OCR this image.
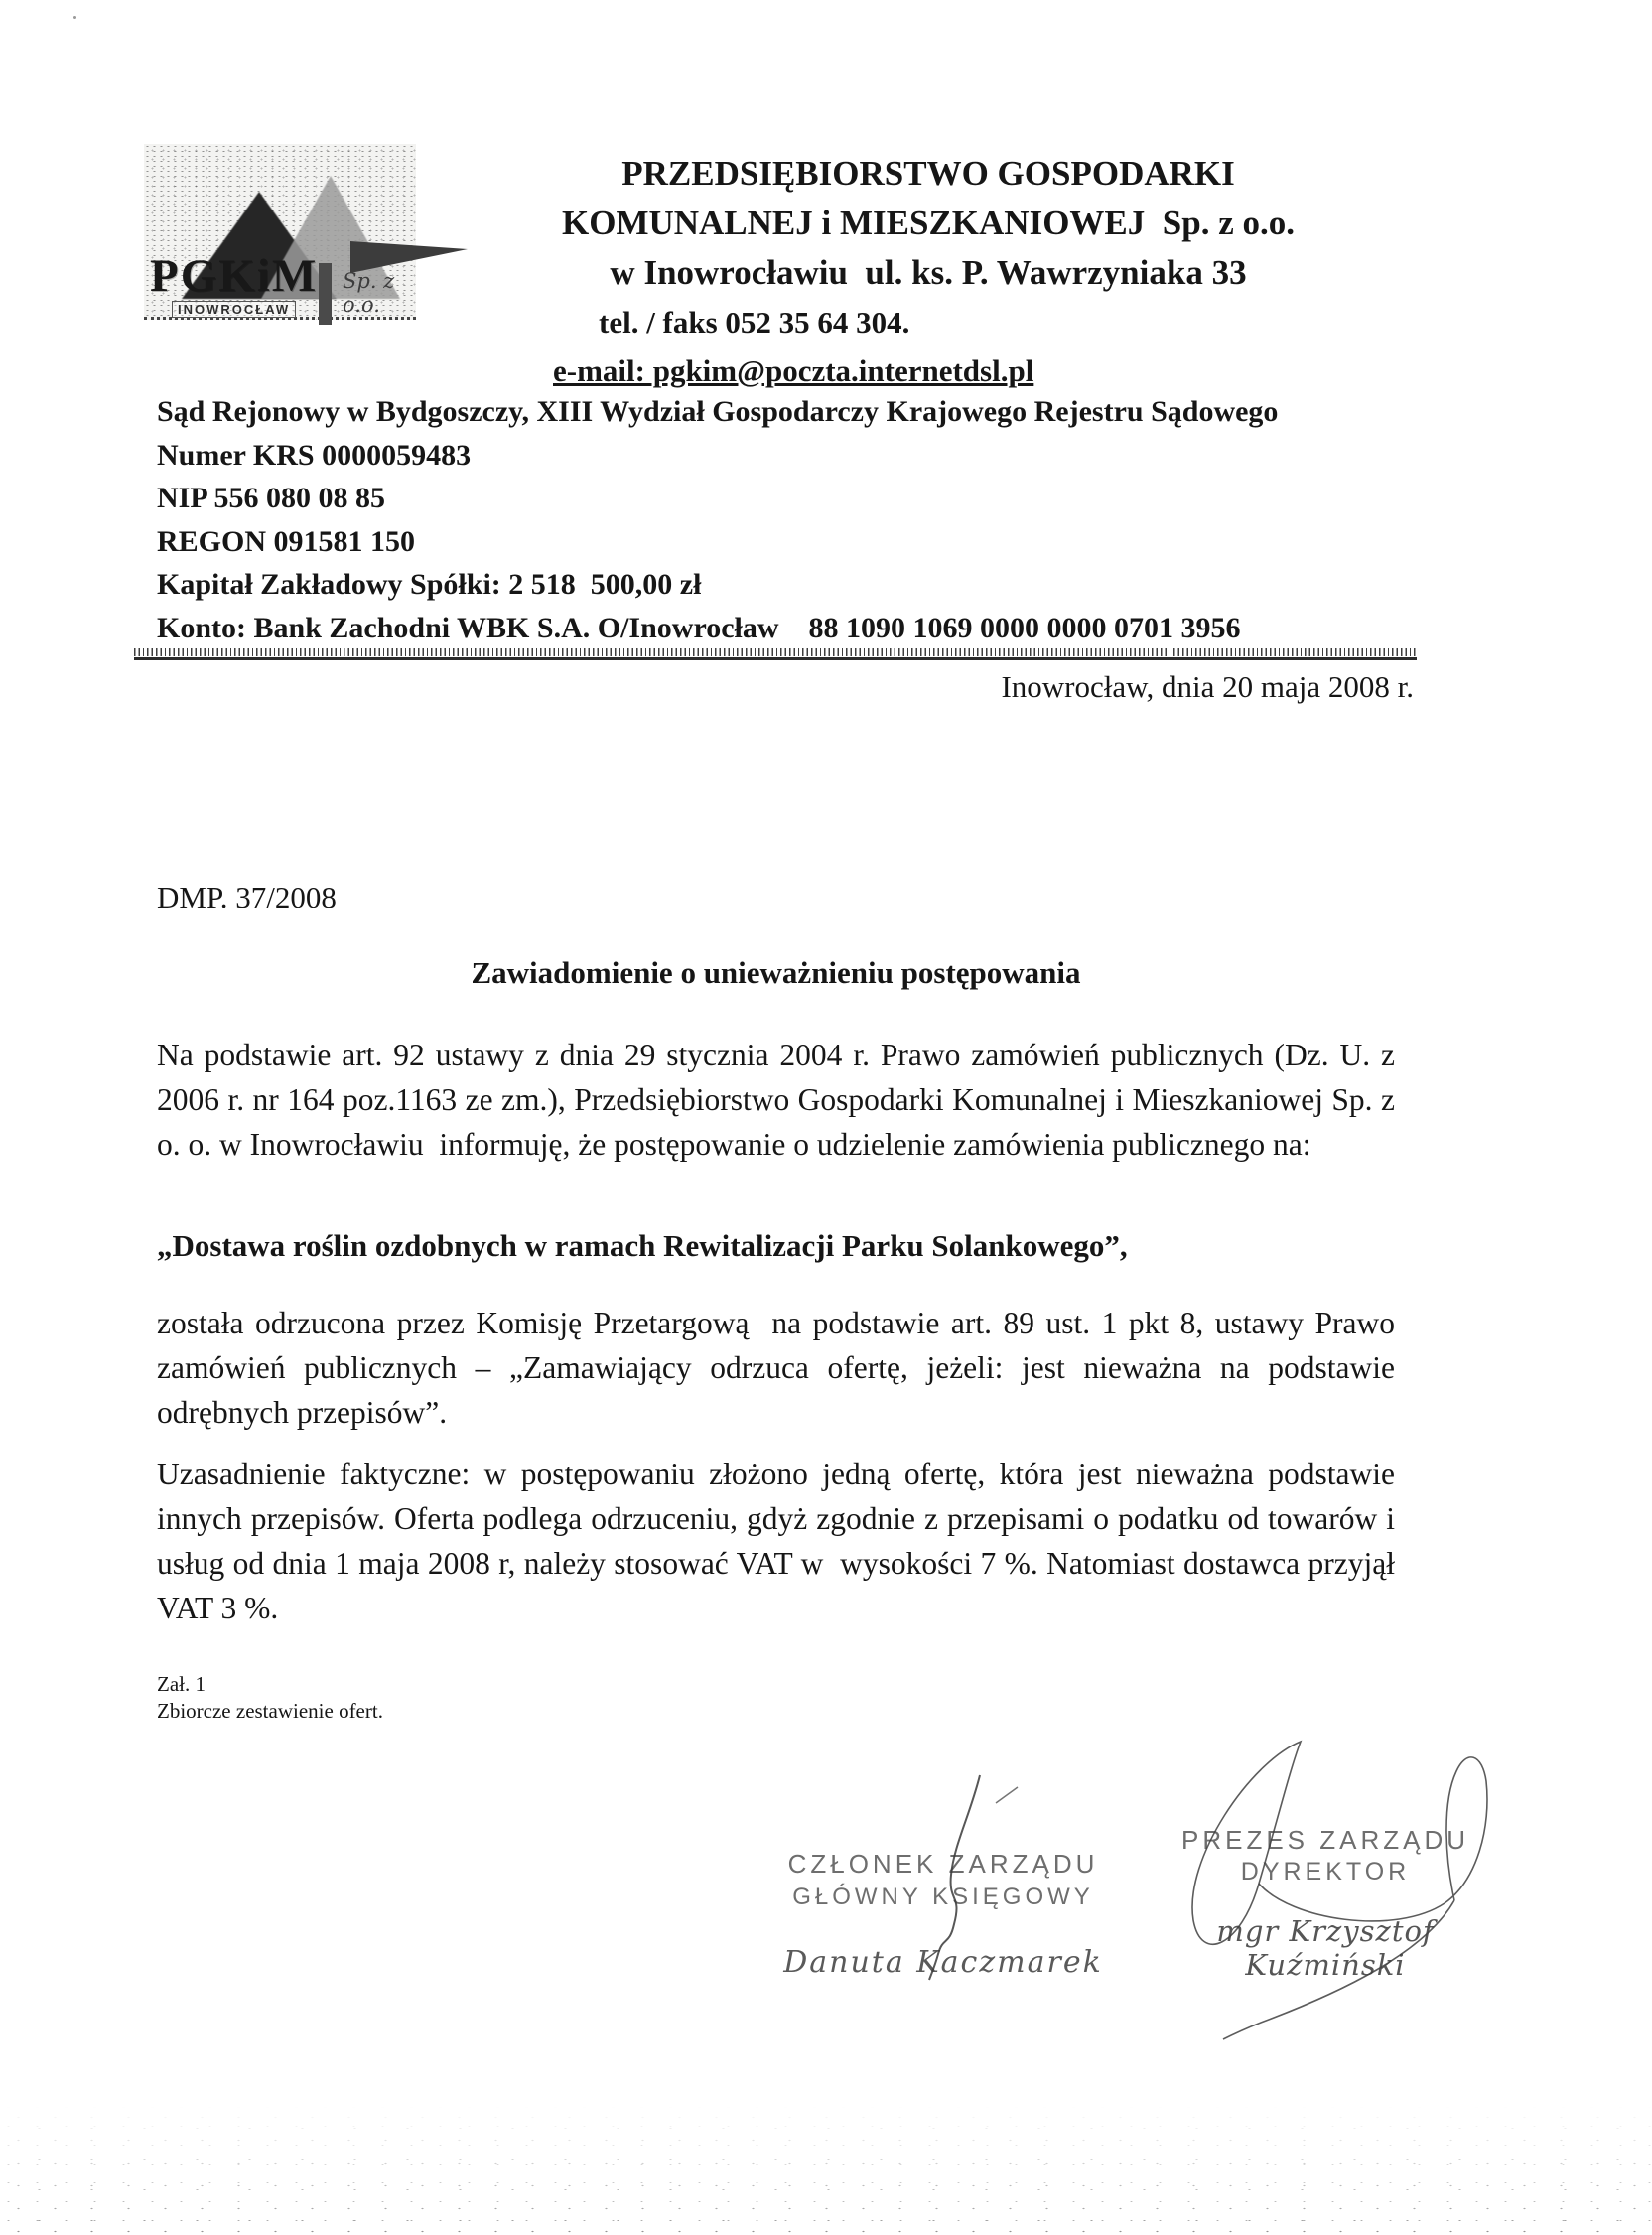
PGKiM Sp. z o.o.
INOWROCŁAW
PRZEDSIĘBIORSTWO GOSPODARKI
KOMUNALNEJ i MIESZKANIOWEJ  Sp. z o.o.
w Inowrocławiu  ul. ks. P. Wawrzyniaka 33
tel. / faks 052 35 64 304.
e-mail: pgkim@poczta.internetdsl.pl
Sąd Rejonowy w Bydgoszczy, XIII Wydział Gospodarczy Krajowego Rejestru Sądowego
Numer KRS 0000059483
NIP 556 080 08 85
REGON 091581 150
Kapitał Zakładowy Spółki: 2 518  500,00 zł
Konto: Bank Zachodni WBK S.A. O/Inowrocław    88 1090 1069 0000 0000 0701 3956
Inowrocław, dnia 20 maja 2008 r.
DMP. 37/2008
Zawiadomienie o unieważnieniu postępowania
Na podstawie art. 92 ustawy z dnia 29 stycznia 2004 r. Prawo zamówień publicznych (Dz. U. z 2006 r. nr 164 poz.1163 ze zm.), Przedsiębiorstwo Gospodarki Komunalnej i Mieszkaniowej Sp. z o. o. w Inowrocławiu  informuję, że postępowanie o udzielenie zamówienia publicznego na:
„Dostawa roślin ozdobnych w ramach Rewitalizacji Parku Solankowego”,
została odrzucona przez Komisję Przetargową  na podstawie art. 89 ust. 1 pkt 8, ustawy Prawo zamówień publicznych – „Zamawiający odrzuca ofertę, jeżeli: jest nieważna na podstawie odrębnych przepisów”.
Uzasadnienie faktyczne: w postępowaniu złożono jedną ofertę, która jest nieważna podstawie innych przepisów. Oferta podlega odrzuceniu, gdyż zgodnie z przepisami o podatku od towarów i usług od dnia 1 maja 2008 r, należy stosować VAT w  wysokości 7 %. Natomiast dostawca przyjął VAT 3 %.
Zał. 1
Zbiorcze zestawienie ofert.
CZŁONEK ZARZĄDU
GŁÓWNY KSIĘGOWY
Danuta Kaczmarek
PREZES ZARZĄDU
DYREKTOR
mgr Krzysztof Kuźmiński
